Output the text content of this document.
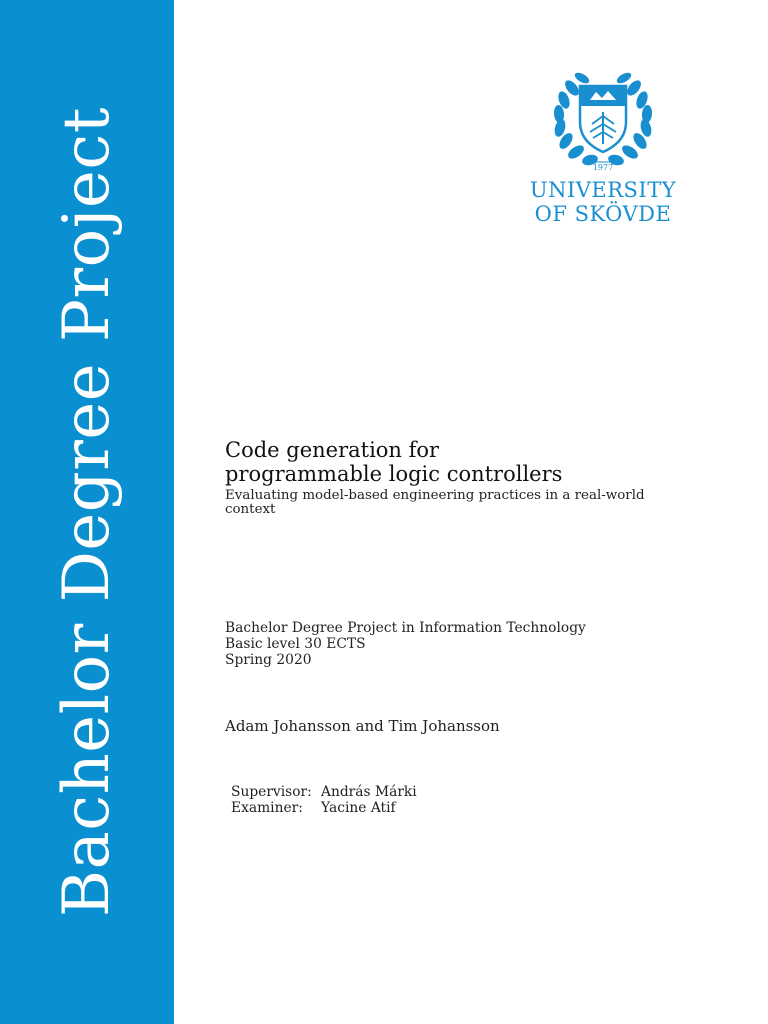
Bachelor Degree Project	1977
UNIVERSITY
OF SKÖVDE
Code generation for
programmable logic controllers
Evaluating model-based engineering practices in a real-world
context
Bachelor Degree Project in Information Technology
Basic level 30 ECTS
Spring 2020
Adam Johansson and Tim Johansson
Supervisor: András Márki
Examiner:	Yacine Atif
